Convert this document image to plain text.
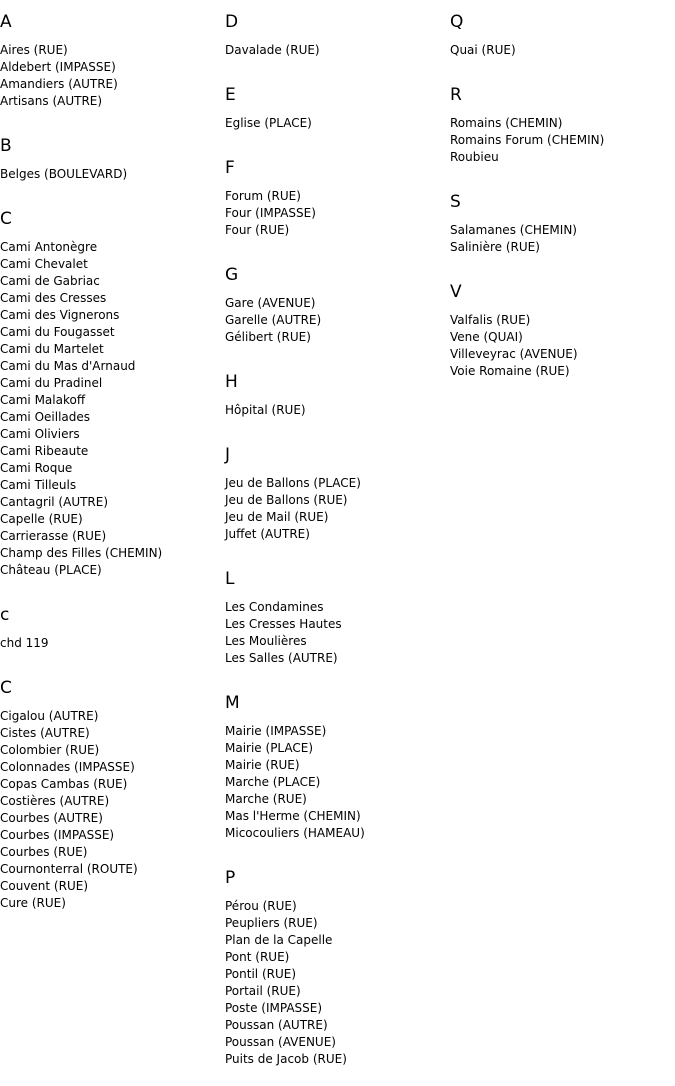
A
Aires (RUE)
Aldebert (IMPASSE)
Amandiers (AUTRE)
Artisans (AUTRE)
B
Belges (BOULEVARD)
C
Cami Antonègre
Cami Chevalet
Cami de Gabriac
Cami des Cresses
Cami des Vignerons
Cami du Fougasset
Cami du Martelet
Cami du Mas d'Arnaud
Cami du Pradinel
Cami Malakoff
Cami Oeillades
Cami Oliviers
Cami Ribeaute
Cami Roque
Cami Tilleuls
Cantagril (AUTRE)
Capelle (RUE)
Carrierasse (RUE)
Champ des Filles (CHEMIN)
Château (PLACE)
c
chd 119
C
Cigalou (AUTRE)
Cistes (AUTRE)
Colombier (RUE)
Colonnades (IMPASSE)
Copas Cambas (RUE)
Costières (AUTRE)
Courbes (AUTRE)
Courbes (IMPASSE)
Courbes (RUE)
Cournonterral (ROUTE)
Couvent (RUE)
Cure (RUE)
D
Davalade (RUE)
E
Eglise (PLACE)
F
Forum (RUE)
Four (IMPASSE)
Four (RUE)
G
Gare (AVENUE)
Garelle (AUTRE)
Gélibert (RUE)
H
Hôpital (RUE)
J
Jeu de Ballons (PLACE)
Jeu de Ballons (RUE)
Jeu de Mail (RUE)
Juffet (AUTRE)
L
Les Condamines
Les Cresses Hautes
Les Moulières
Les Salles (AUTRE)
M
Mairie (IMPASSE)
Mairie (PLACE)
Mairie (RUE)
Marche (PLACE)
Marche (RUE)
Mas l'Herme (CHEMIN)
Micocouliers (HAMEAU)
P
Pérou (RUE)
Peupliers (RUE)
Plan de la Capelle
Pont (RUE)
Pontil (RUE)
Portail (RUE)
Poste (IMPASSE)
Poussan (AUTRE)
Poussan (AVENUE)
Puits de Jacob (RUE)
Q
Quai (RUE)
R
Romains (CHEMIN)
Romains Forum (CHEMIN)
Roubieu
S
Salamanes (CHEMIN)
Salinière (RUE)
V
Valfalis (RUE)
Vene (QUAI)
Villeveyrac (AVENUE)
Voie Romaine (RUE)
